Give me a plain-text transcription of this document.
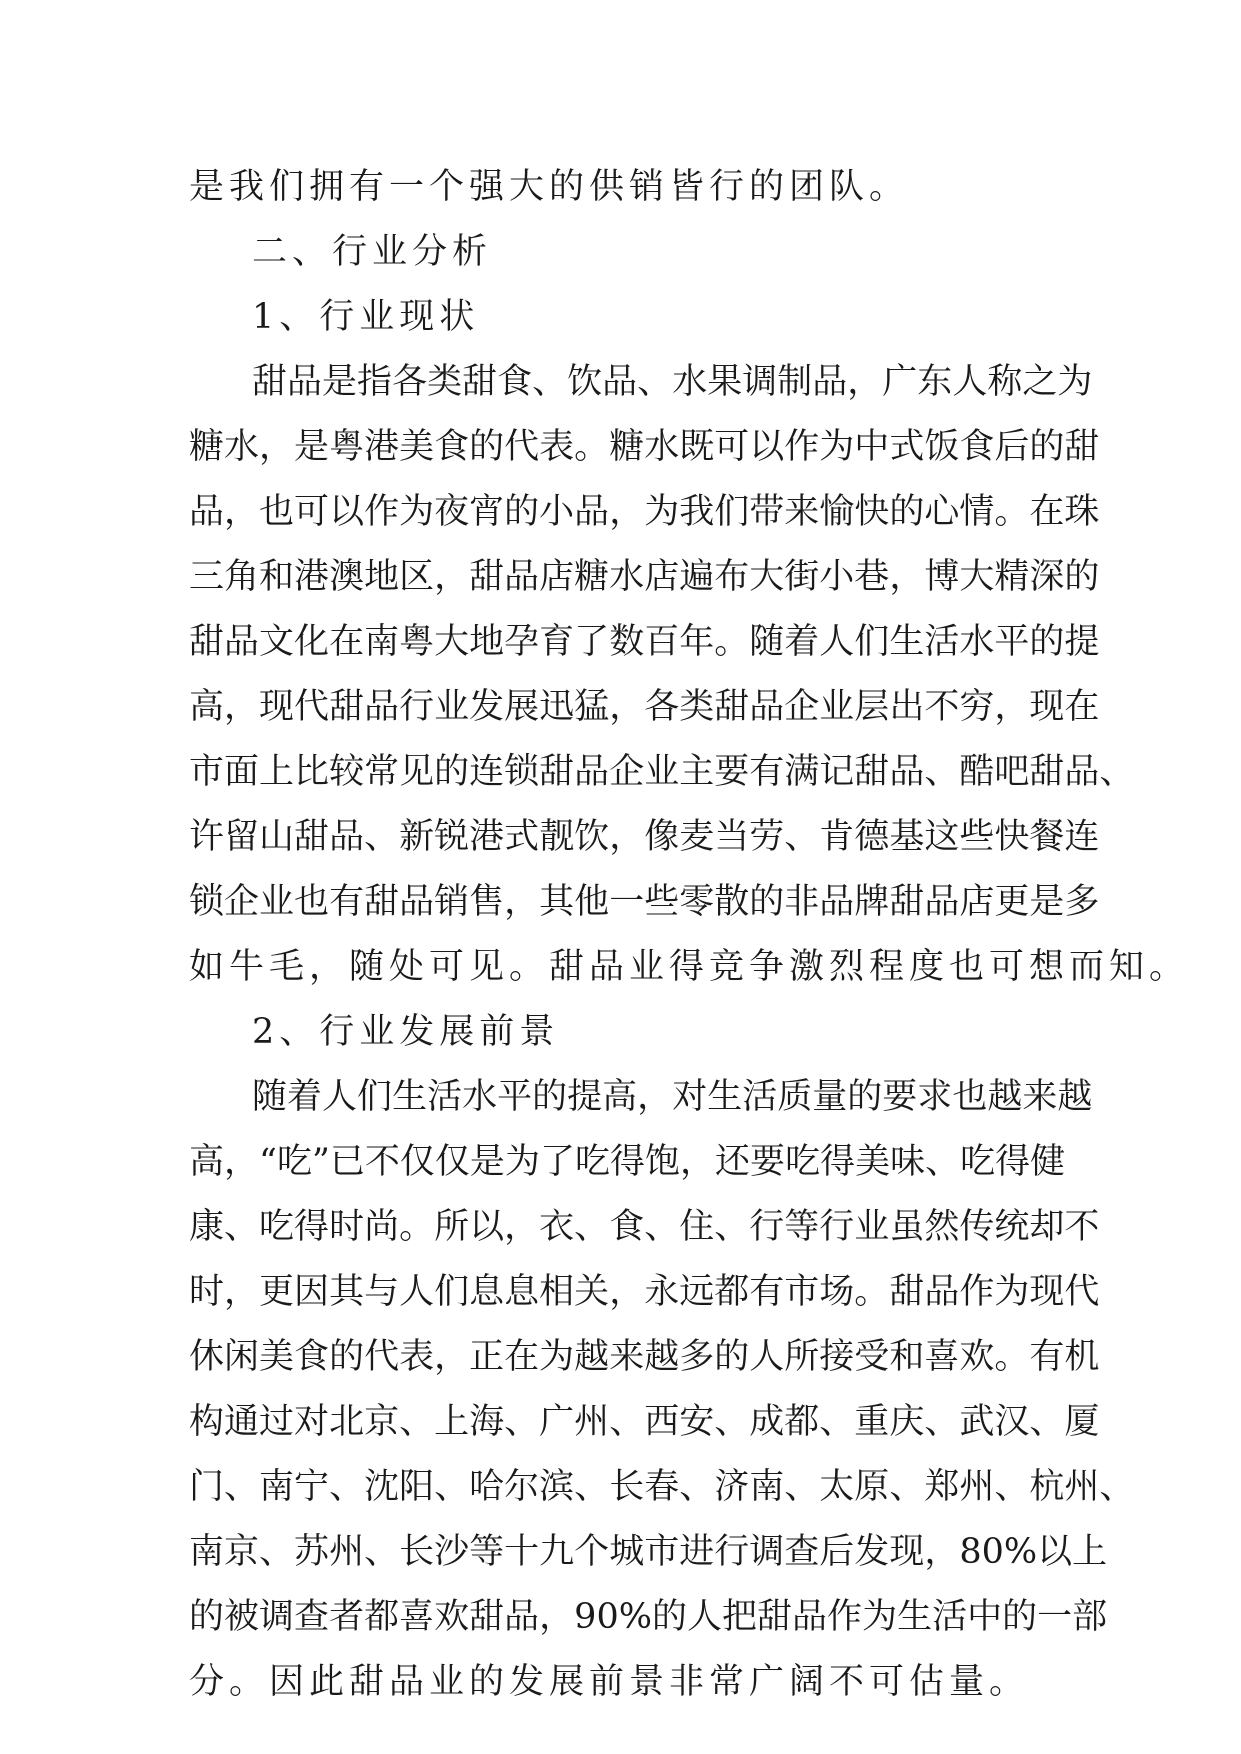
是我们拥有一个强大的供销皆行的团队。
二、行业分析
1、行业现状
甜 品 是 指 各 类 甜 食 、 饮 品 、 水 果 调 制 品 ， 广 东 人 称 之 为
糖 水 ， 是 粤 港 美 食 的 代 表 。 糖 水 既 可 以 作 为 中 式 饭 食 后 的 甜
品 ， 也 可 以 作 为 夜 宵 的 小 品 ， 为 我 们 带 来 愉 快 的 心 情 。 在 珠
三 角 和 港 澳 地 区 ， 甜 品 店 糖 水 店 遍 布 大 街 小 巷 ， 博 大 精 深 的
甜 品 文 化 在 南 粤 大 地 孕 育 了 数 百 年 。 随 着 人 们 生 活 水 平 的 提
高 ， 现 代 甜 品 行 业 发 展 迅 猛 ， 各 类 甜 品 企 业 层 出 不 穷 ， 现 在
市 面 上 比 较 常 见 的 连 锁 甜 品 企 业 主 要 有 满 记 甜 品 、 酷 吧 甜 品 、
许 留 山 甜 品 、 新 锐 港 式 靓 饮 ， 像 麦 当 劳 、 肯 德 基 这 些 快 餐 连
锁 企 业 也 有 甜 品 销 售 ， 其 他 一 些 零 散 的 非 品 牌 甜 品 店 更 是 多
如牛毛，随处可见。甜品业得竞争激烈程度也可想而知。
2、行业发展前景
随 着 人 们 生 活 水 平 的 提 高 ， 对 生 活 质 量 的 要 求 也 越 来 越
高 ， “ 吃 ” 已 不 仅 仅 是 为 了 吃 得 饱 ， 还 要 吃 得 美 味 、 吃 得 健
康 、 吃 得 时 尚 。 所 以 ， 衣 、 食 、 住 、 行 等 行 业 虽 然 传 统 却 不
时 ， 更 因 其 与 人 们 息 息 相 关 ， 永 远 都 有 市 场 。 甜 品 作 为 现 代
休 闲 美 食 的 代 表 ， 正 在 为 越 来 越 多 的 人 所 接 受 和 喜 欢 。 有 机
构 通 过 对 北 京 、 上 海 、 广 州 、 西 安 、 成 都 、 重 庆 、 武 汉 、 厦
门 、 南 宁 、 沈 阳 、 哈 尔 滨 、 长 春 、 济 南 、 太 原 、 郑 州 、 杭 州 、
南 京 、 苏 州 、 长 沙 等 十 九 个 城 市 进 行 调 查 后 发 现 ， 80% 以 上
的 被 调 查 者 都 喜 欢 甜 品 ， 90% 的 人 把 甜 品 作 为 生 活 中 的 一 部
分。因此甜品业的发展前景非常广阔不可估量。
